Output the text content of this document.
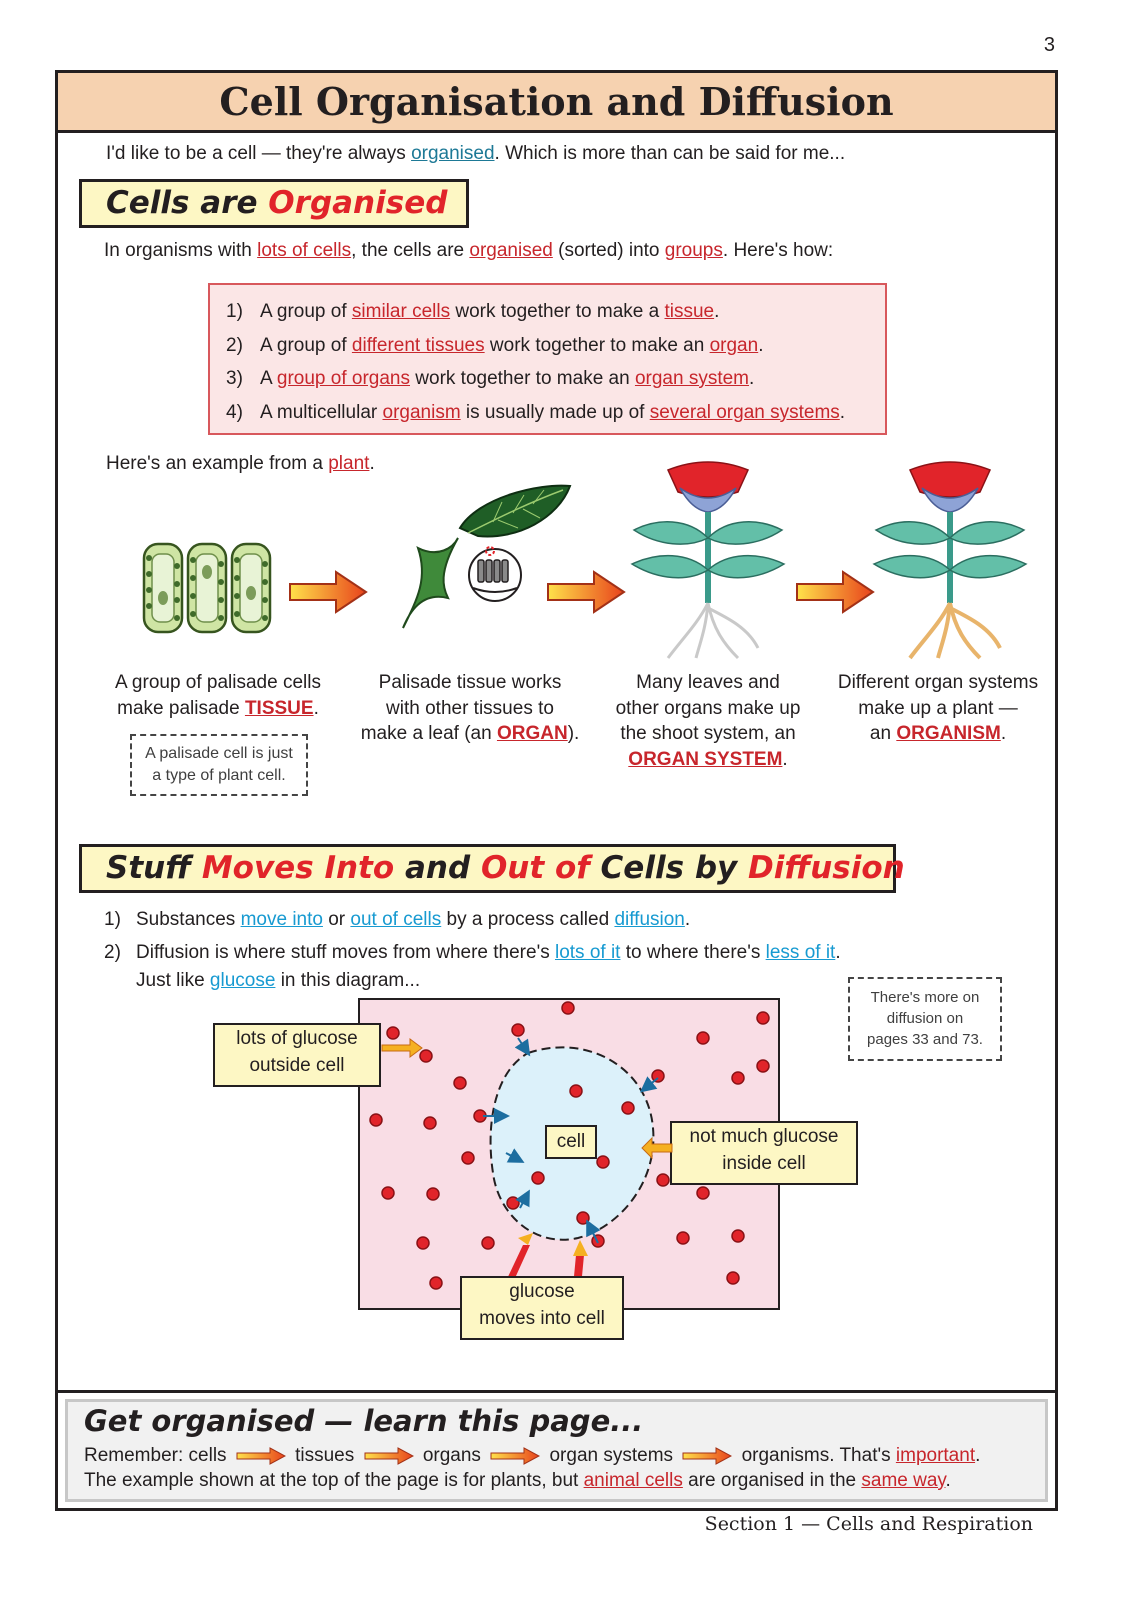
3
Cell Organisation and Diffusion
I'd like to be a cell — they're always organised. Which is more than can be said for me...
Cells are Organised
In organisms with lots of cells, the cells are organised (sorted) into groups. Here's how:
1) A group of similar cells work together to make a tissue.
2) A group of different tissues work together to make an organ.
3) A group of organs work together to make an organ system.
4) A multicellular organism is usually made up of several organ systems.
Here's an example from a plant.
A group of palisade cells
make palisade TISSUE.
Palisade tissue works
with other tissues to
make a leaf (an ORGAN).
Many leaves and
other organs make up
the shoot system, an
ORGAN SYSTEM.
Different organ systems
make up a plant —
an ORGANISM.
A palisade cell is just
a type of plant cell.
Stuff Moves Into and Out of Cells by Diffusion
1) Substances move into or out of cells by a process called diffusion.
2) Diffusion is where stuff moves from where there's lots of it to where there's less of it.
Just like glucose in this diagram...
There's more on
diffusion on
pages 33 and 73.
lots of glucose
outside cell
cell	not much glucose
inside cell
glucose
moves into cell
Get organised — learn this page...
Remember: cells	tissues	organs	organ systems	organisms. That's important.
The example shown at the top of the page is for plants, but animal cells are organised in the same way.
Section 1 — Cells and Respiration
